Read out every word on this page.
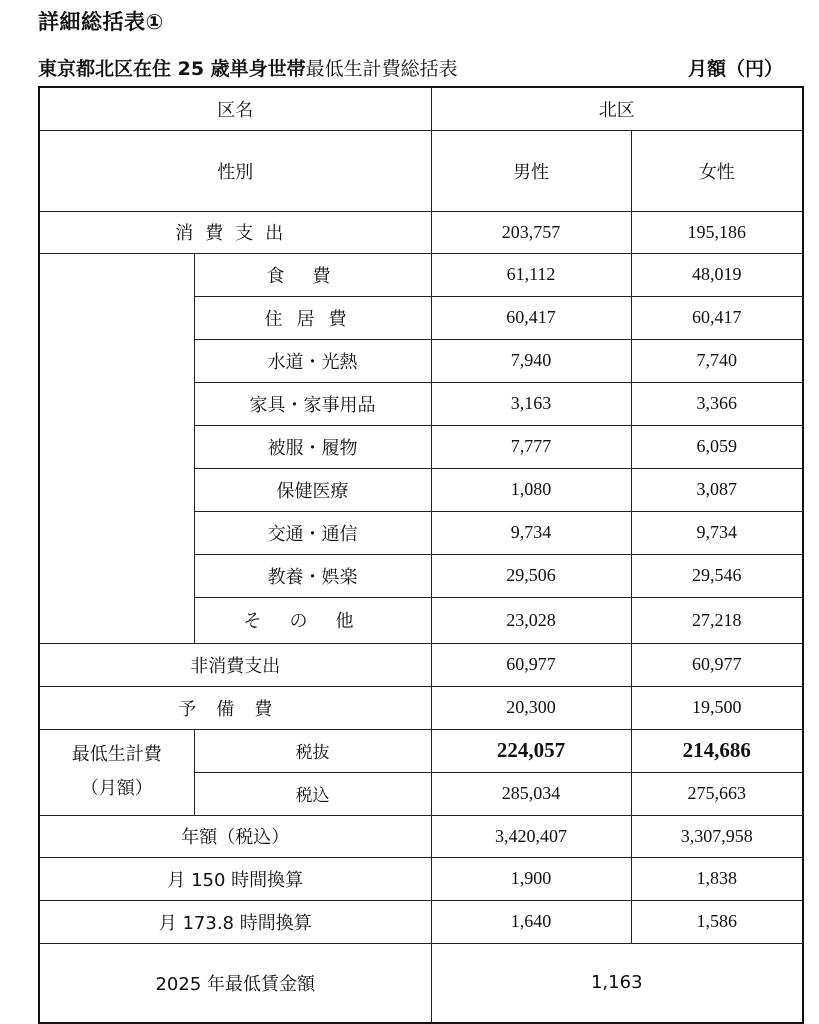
詳細総括表①
東京都北区在住 25 歳単身世帯最低生計費総括表	月額（円）
区名		北区	
性別		男性	女性
消費支出		203,757	195,186
	食費	61,112	48,019
	住居費	60,417	60,417
	水道・光熱	7,940	7,740
	家具・家事用品	3,163	3,366
	被服・履物	7,777	6,059
	保健医療	1,080	3,087
	交通・通信	9,734	9,734
	教養・娯楽	29,506	29,546
	その他	23,028	27,218
非消費支出		60,977	60,977
予備費		20,300	19,500

最低生計費
（月額）	税抜	224,057	214,686
	税込	285,034	275,663
年額（税込）		3,420,407	3,307,958
月 150 時間換算		1,900	1,838
月 173.8 時間換算		1,640	1,586
2025 年最低賃金額		1,163	
